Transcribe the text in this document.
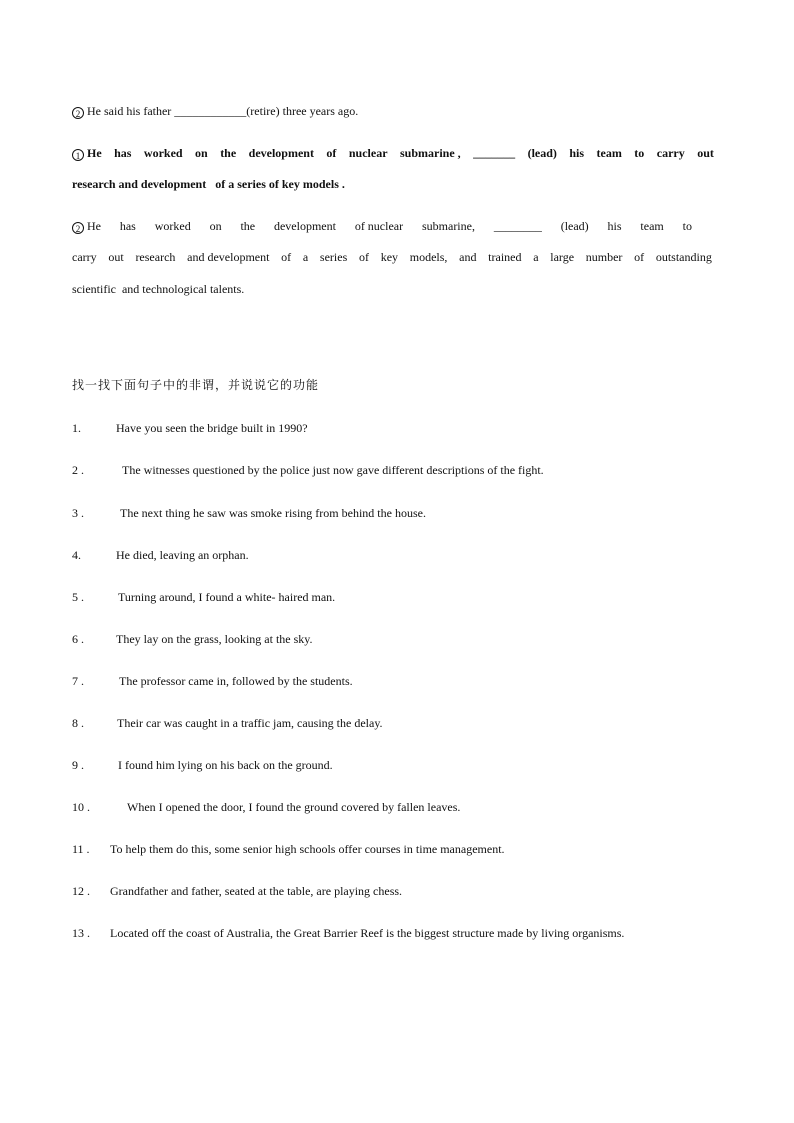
2 He said his father ____________(retire) three years ago.
1 He has worked on the development of nuclear submarine , _______ (lead) his team to carry out
research and development   of a series of key models .
2 He has worked on the development of nuclear submarine, ________ (lead) his team to
carry out research and development of a series of key models, and trained a large number of outstanding
scientific  and technological talents.
找一找下面句子中的非谓，并说说它的功能
1.	Have you seen the bridge built in 1990?
2 .	The witnesses questioned by the police just now gave different descriptions of the fight.
3 .	The next thing he saw was smoke rising from behind the house.
4.	He died, leaving an orphan.
5 .	Turning around, I found a white- haired man.
6 .	They lay on the grass, looking at the sky.
7 .	The professor came in, followed by the students.
8 .	Their car was caught in a traffic jam, causing the delay.
9 .	I found him lying on his back on the ground.
10 .	When I opened the door, I found the ground covered by fallen leaves.
11 . To help them do this, some senior high schools offer courses in time management.
12 . Grandfather and father, seated at the table, are playing chess.
13 . Located off the coast of Australia, the Great Barrier Reef is the biggest structure made by living organisms.
